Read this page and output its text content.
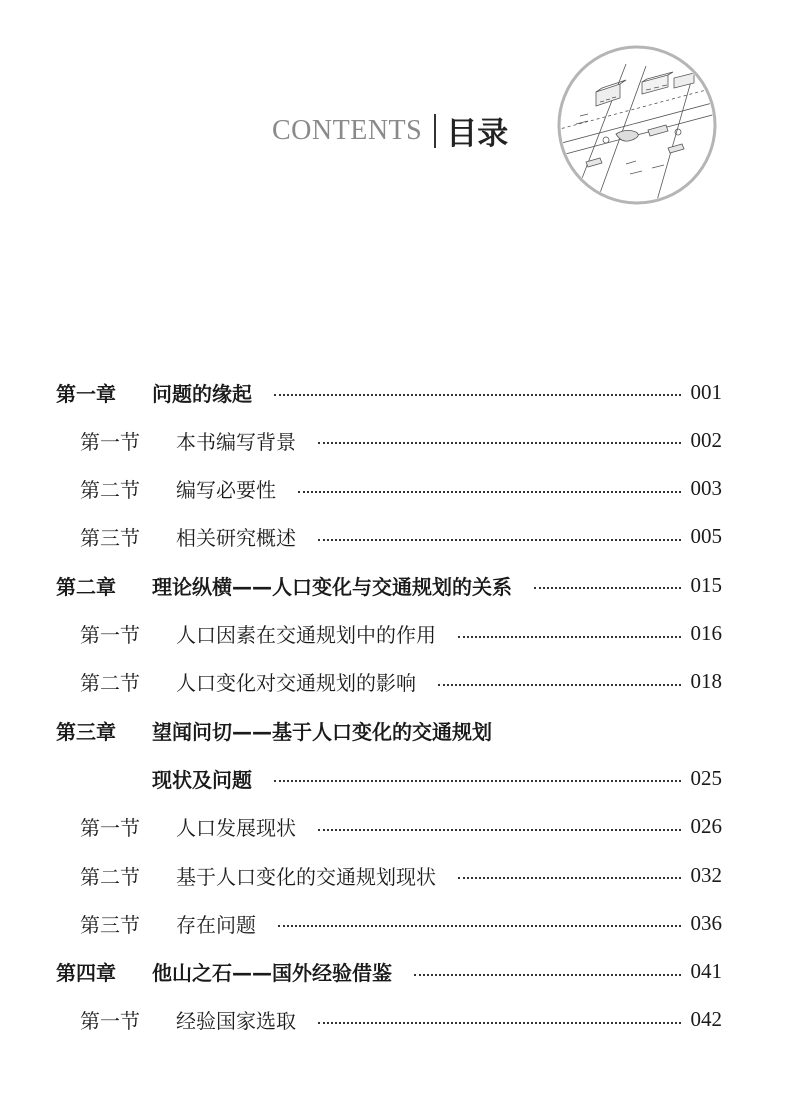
CONTENTS 目录
第一章	问题的缘起	001
第一节	本书编写背景	002
第二节	编写必要性	003
第三节	相关研究概述	005
第二章	理论纵横——人口变化与交通规划的关系	015
第一节	人口因素在交通规划中的作用	016
第二节	人口变化对交通规划的影响	018
第三章	望闻问切——基于人口变化的交通规划
现状及问题	025
第一节	人口发展现状	026
第二节	基于人口变化的交通规划现状	032
第三节	存在问题	036
第四章	他山之石——国外经验借鉴	041
第一节	经验国家选取	042
